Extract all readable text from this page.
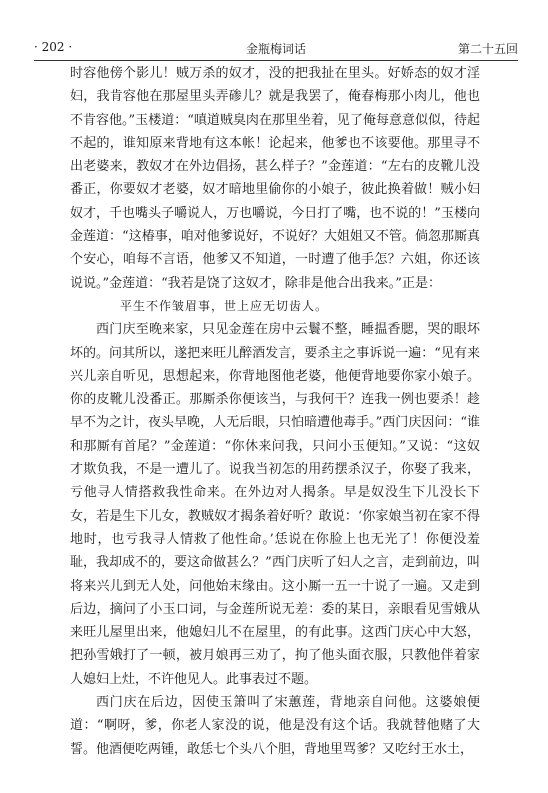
· 202 ·	金瓶梅词话	第二十五回

时容他傍个影儿！贼万杀的奴才，没的把我扯在里头。好娇态的奴才淫妇，我肯容他在那屋里头弄碜儿？就是我罢了，俺春梅那小肉儿，他也不肯容他。”玉楼道：“嗔道贼臭肉在那里坐着，见了俺每意意似似，待起不起的，谁知原来背地有这本帐！论起来，他爹也不该要他。那里寻不出老婆来，教奴才在外边倡扬，甚么样子？”金莲道：“左右的皮靴儿没番正，你要奴才老婆，奴才暗地里偷你的小娘子，彼此换着做！贼小妇奴才，千也嘴头子嚼说人，万也嚼说，今日打了嘴，也不说的！”玉楼向金莲道：“这椿事，咱对他爹说好，不说好？大姐姐又不管。倘忽那厮真个安心，咱每不言语，他爹又不知道，一时遭了他手怎？六姐，你还该说说。”金莲道：“我若是饶了这奴才，除非是他合出我来。”正是：

平生不作皱眉事，世上应无切齿人。

西门庆至晚来家，只见金莲在房中云鬟不整，睡揾香腮，哭的眼坏坏的。问其所以，遂把来旺儿醉酒发言，要杀主之事诉说一遍：“见有来兴儿亲自听见，思想起来，你背地图他老婆，他便背地要你家小娘子。你的皮靴儿没番正。那厮杀你便该当，与我何干？连我一例也要杀！趁早不为之计，夜头早晚，人无后眼，只怕暗遭他毒手。”西门庆因问：“谁和那厮有首尾？”金莲道：“你休来问我，只问小玉便知。”又说：“这奴才欺负我，不是一遭儿了。说我当初怎的用药摆杀汉子，你娶了我来，亏他寻人情搭救我性命来。在外边对人揭条。早是奴没生下儿没长下女，若是生下儿女，教贼奴才揭条着好听？敢说：‘你家娘当初在家不得地时，也亏我寻人情救了他性命。’恁说在你脸上也无光了！你便没羞耻，我却成不的，要这命做甚么？”西门庆听了妇人之言，走到前边，叫将来兴儿到无人处，问他始末缘由。这小厮一五一十说了一遍。又走到后边，摘问了小玉口词，与金莲所说无差：委的某日，亲眼看见雪娥从来旺儿屋里出来，他媳妇儿不在屋里，的有此事。这西门庆心中大怒，把孙雪娥打了一顿，被月娘再三劝了，拘了他头面衣服，只教他伴着家人媳妇上灶，不许他见人。此事表过不题。

西门庆在后边，因使玉箫叫了宋蕙莲，背地亲自问他。这婆娘便道：“啊呀，爹，你老人家没的说，他是没有这个话。我就替他赌了大誓。他酒便吃两锺，敢恁七个头八个胆，背地里骂爹？又吃纣王水土，
